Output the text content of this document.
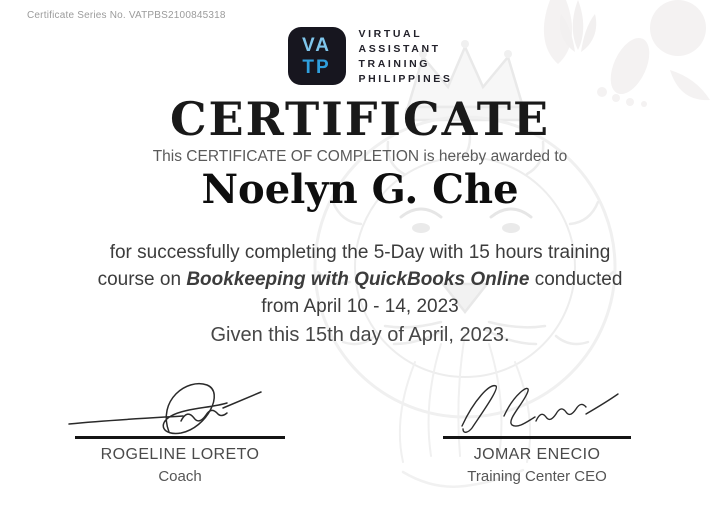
Certificate Series No. VATPBS2100845318
VA
TP
VIRTUAL
ASSISTANT
TRAINING
PHILIPPINES
CERTIFICATE
This CERTIFICATE OF COMPLETION is hereby awarded to
Noelyn G. Che
for successfully completing the 5-Day with 15 hours training
course on Bookkeeping with QuickBooks Online conducted
from April 10 - 14, 2023
Given this 15th day of April, 2023.
ROGELINE LORETO
Coach
JOMAR ENECIO
Training Center CEO
